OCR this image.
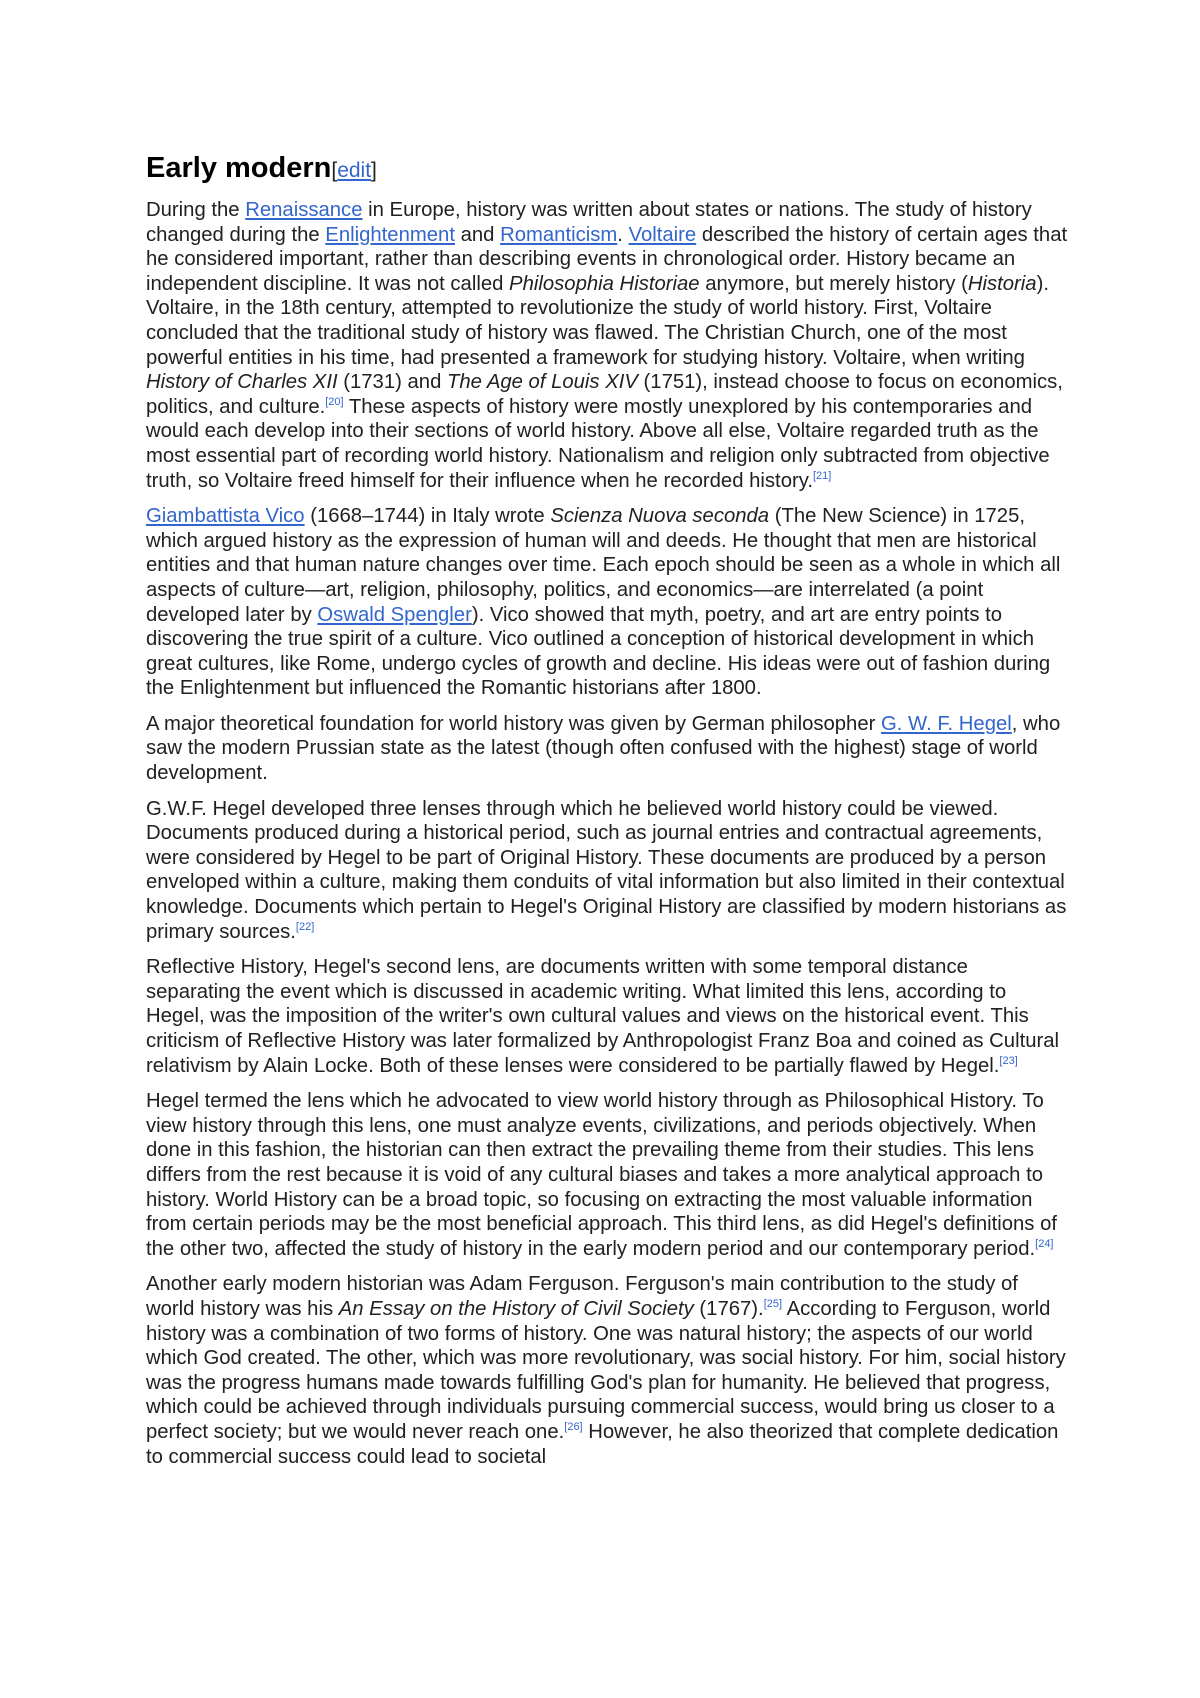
Early modern[edit]

During the Renaissance in Europe, history was written about states or nations. The study of history changed during the Enlightenment and Romanticism. Voltaire described the history of certain ages that he considered important, rather than describing events in chronological order. History became an independent discipline. It was not called Philosophia Historiae anymore, but merely history (Historia). Voltaire, in the 18th century, attempted to revolutionize the study of world history. First, Voltaire concluded that the traditional study of history was flawed. The Christian Church, one of the most powerful entities in his time, had presented a framework for studying history. Voltaire, when writing History of Charles XII (1731) and The Age of Louis XIV (1751), instead choose to focus on economics, politics, and culture.[20] These aspects of history were mostly unexplored by his contemporaries and would each develop into their sections of world history. Above all else, Voltaire regarded truth as the most essential part of recording world history. Nationalism and religion only subtracted from objective truth, so Voltaire freed himself for their influence when he recorded history.[21]

Giambattista Vico (1668–1744) in Italy wrote Scienza Nuova seconda (The New Science) in 1725, which argued history as the expression of human will and deeds. He thought that men are historical entities and that human nature changes over time. Each epoch should be seen as a whole in which all aspects of culture—art, religion, philosophy, politics, and economics—are interrelated (a point developed later by Oswald Spengler). Vico showed that myth, poetry, and art are entry points to discovering the true spirit of a culture. Vico outlined a conception of historical development in which great cultures, like Rome, undergo cycles of growth and decline. His ideas were out of fashion during the Enlightenment but influenced the Romantic historians after 1800.

A major theoretical foundation for world history was given by German philosopher G. W. F. Hegel, who saw the modern Prussian state as the latest (though often confused with the highest) stage of world development.

G.W.F. Hegel developed three lenses through which he believed world history could be viewed. Documents produced during a historical period, such as journal entries and contractual agreements, were considered by Hegel to be part of Original History. These documents are produced by a person enveloped within a culture, making them conduits of vital information but also limited in their contextual knowledge. Documents which pertain to Hegel's Original History are classified by modern historians as primary sources.[22]

Reflective History, Hegel's second lens, are documents written with some temporal distance separating the event which is discussed in academic writing. What limited this lens, according to Hegel, was the imposition of the writer's own cultural values and views on the historical event. This criticism of Reflective History was later formalized by Anthropologist Franz Boa and coined as Cultural relativism by Alain Locke. Both of these lenses were considered to be partially flawed by Hegel.[23]

Hegel termed the lens which he advocated to view world history through as Philosophical History. To view history through this lens, one must analyze events, civilizations, and periods objectively. When done in this fashion, the historian can then extract the prevailing theme from their studies. This lens differs from the rest because it is void of any cultural biases and takes a more analytical approach to history. World History can be a broad topic, so focusing on extracting the most valuable information from certain periods may be the most beneficial approach. This third lens, as did Hegel's definitions of the other two, affected the study of history in the early modern period and our contemporary period.[24]

Another early modern historian was Adam Ferguson. Ferguson's main contribution to the study of world history was his An Essay on the History of Civil Society (1767).[25] According to Ferguson, world history was a combination of two forms of history. One was natural history; the aspects of our world which God created. The other, which was more revolutionary, was social history. For him, social history was the progress humans made towards fulfilling God's plan for humanity. He believed that progress, which could be achieved through individuals pursuing commercial success, would bring us closer to a perfect society; but we would never reach one.[26] However, he also theorized that complete dedication to commercial success could lead to societal
